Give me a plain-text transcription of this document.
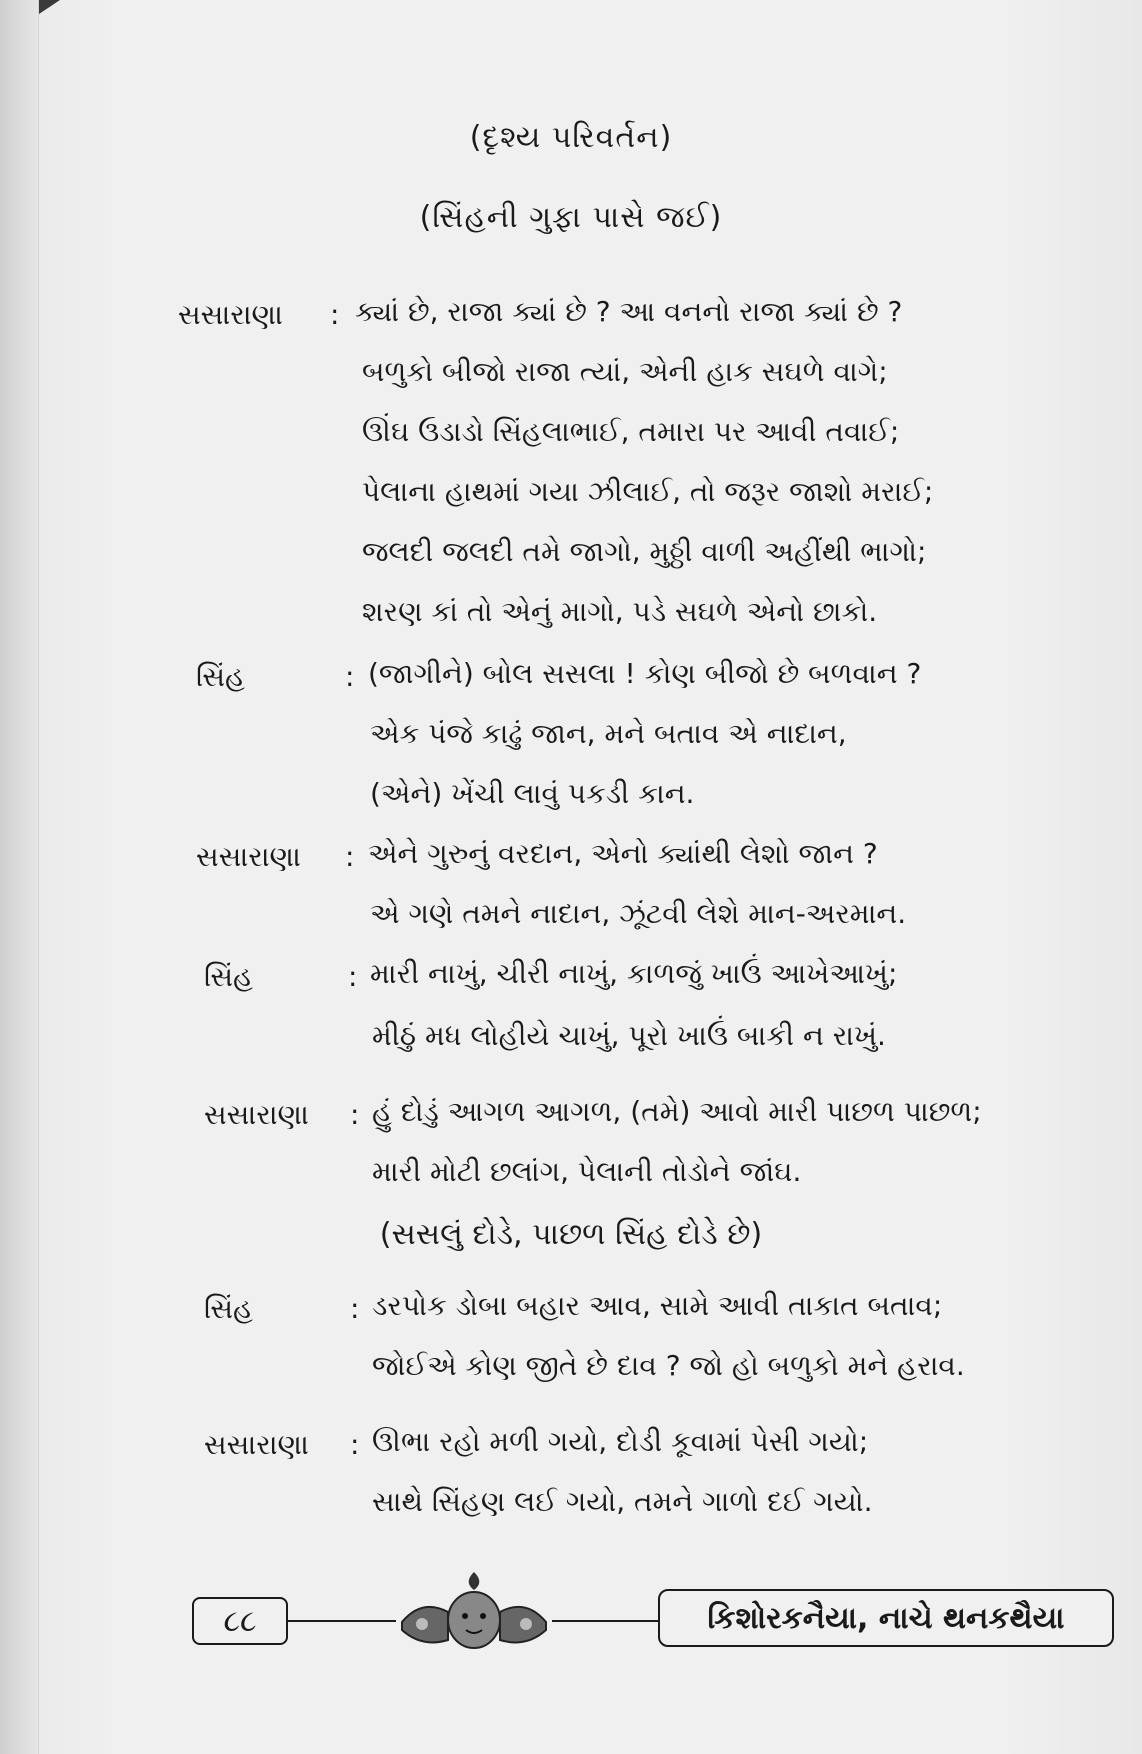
(દૃશ્ય પરિવર્તન)
(સિંહની ગુફા પાસે જઈ)
સસારાણા : ક્યાં છે, રાજા ક્યાં છે ? આ વનનો રાજા ક્યાં છે ?
બળુકો બીજો રાજા ત્યાં, એની હાક સઘળે વાગે;
ઊંઘ ઉડાડો સિંહલાભાઈ, તમારા પર આવી તવાઈ;
પેલાના હાથમાં ગયા ઝીલાઈ, તો જરૂર જાશો મરાઈ;
જલદી જલદી તમે જાગો, મુઠ્ઠી વાળી અહીંથી ભાગો;
શરણ કાં તો એનું માગો, પડે સઘળે એનો છાકો.
સિંહ	: (જાગીને) બોલ સસલા ! કોણ બીજો છે બળવાન ?
એક પંજે કાઢું જાન, મને બતાવ એ નાદાન,
(એને) ખેંચી લાવું પકડી કાન.
સસારાણા : એને ગુરુનું વરદાન, એનો ક્યાંથી લેશો જાન ?
એ ગણે તમને નાદાન, ઝૂંટવી લેશે માન-અરમાન.
સિંહ	: મારી નાખું, ચીરી નાખું, કાળજું ખાઉં આખેઆખું;
મીઠું મધ લોહીયે ચાખું, પૂરો ખાઉં બાકી ન રાખું.
સસારાણા : હું દોડું આગળ આગળ, (તમે) આવો મારી પાછળ પાછળ;
મારી મોટી છલાંગ, પેલાની તોડોને જાંઘ.
(સસલું દોડે, પાછળ સિંહ દોડે છે)
સિંહ	: ડરપોક ડોબા બહાર આવ, સામે આવી તાકાત બતાવ;
જોઈએ કોણ જીતે છે દાવ ? જો હો બળુકો મને હરાવ.
સસારાણા : ઊભા રહો મળી ગયો, દોડી કૂવામાં પેસી ગયો;
સાથે સિંહણ લઈ ગયો, તમને ગાળો દઈ ગયો.
૮૮	કિશોરકનૈયા, નાચે થનકથૈયા
